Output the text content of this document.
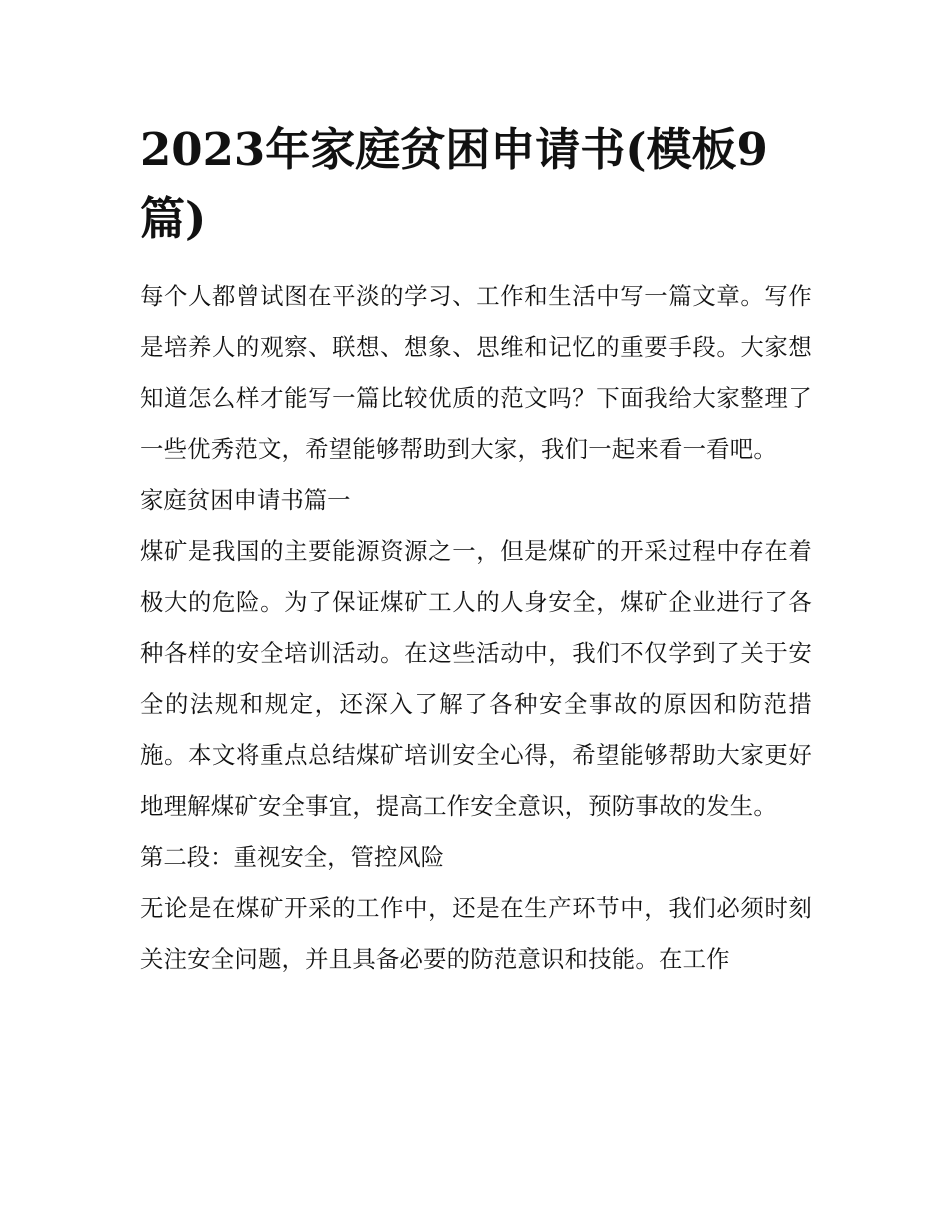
2023年家庭贫困申请书(模板9篇)

每个人都曾试图在平淡的学习、工作和生活中写一篇文章。写作是培养人的观察、联想、想象、思维和记忆的重要手段。大家想知道怎么样才能写一篇比较优质的范文吗？下面我给大家整理了一些优秀范文，希望能够帮助到大家，我们一起来看一看吧。

家庭贫困申请书篇一

煤矿是我国的主要能源资源之一，但是煤矿的开采过程中存在着极大的危险。为了保证煤矿工人的人身安全，煤矿企业进行了各种各样的安全培训活动。在这些活动中，我们不仅学到了关于安全的法规和规定，还深入了解了各种安全事故的原因和防范措施。本文将重点总结煤矿培训安全心得，希望能够帮助大家更好地理解煤矿安全事宜，提高工作安全意识，预防事故的发生。

第二段：重视安全，管控风险

无论是在煤矿开采的工作中，还是在生产环节中，我们必须时刻关注安全问题，并且具备必要的防范意识和技能。在工作
